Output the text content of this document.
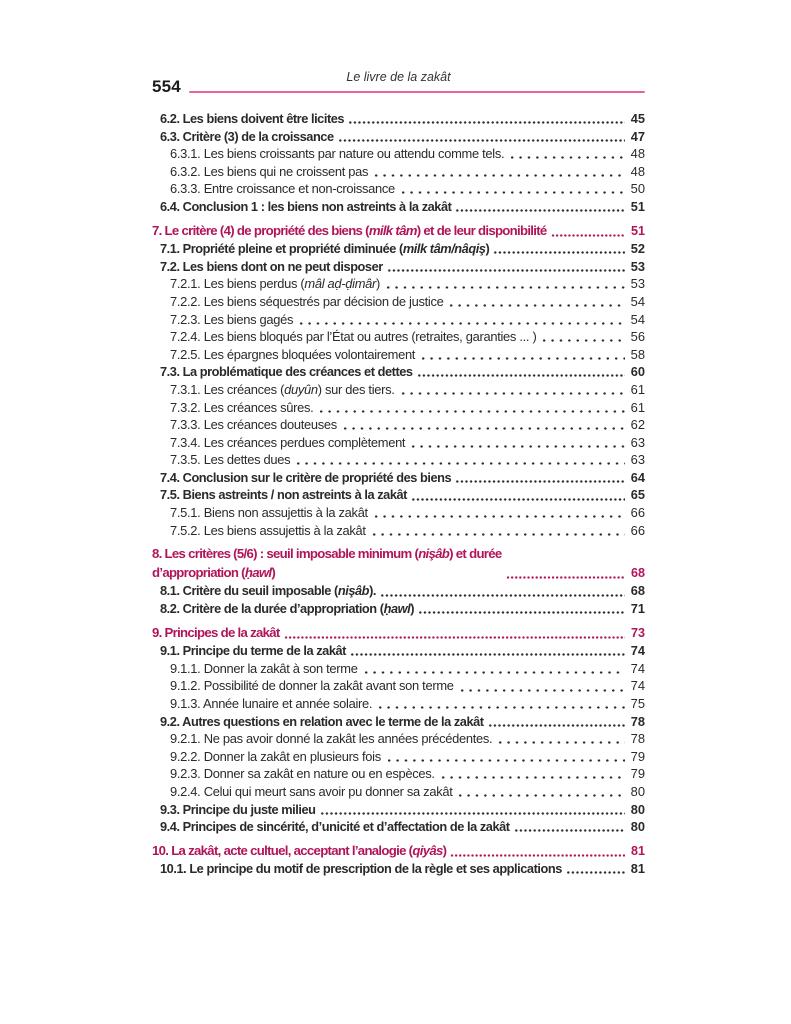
554	Le livre de la zakât
6.2. Les biens doivent être licites	45
6.3. Critère (3) de la croissance	47
6.3.1. Les biens croissants par nature ou attendu comme tels.	48
6.3.2. Les biens qui ne croissent pas	48
6.3.3. Entre croissance et non-croissance	50
6.4. Conclusion 1 : les biens non astreints à la zakât	51
7. Le critère (4) de propriété des biens (milk tâm) et de leur disponibilité	51
7.1. Propriété pleine et propriété diminuée (milk tâm/nâqiş)	52
7.2. Les biens dont on ne peut disposer	53
7.2.1. Les biens perdus (mâl aḍ-ḍimâr)	53
7.2.2. Les biens séquestrés par décision de justice	54
7.2.3. Les biens gagés	54
7.2.4. Les biens bloqués par l’État ou autres (retraites, garanties ... )	56
7.2.5. Les épargnes bloquées volontairement	58
7.3. La problématique des créances et dettes	60
7.3.1. Les créances (duyûn) sur des tiers.	61
7.3.2. Les créances sûres.	61
7.3.3. Les créances douteuses	62
7.3.4. Les créances perdues complètement	63
7.3.5. Les dettes dues	63
7.4. Conclusion sur le critère de propriété des biens	64
7.5. Biens astreints / non astreints à la zakât	65
7.5.1. Biens non assujettis à la zakât	66
7.5.2. Les biens assujettis à la zakât	66
8. Les critères (5/6) : seuil imposable minimum (nişâb) et durée
d’appropriation (ḥawl)	68
8.1. Critère du seuil imposable (nişâb).	68
8.2. Critère de la durée d’appropriation (ḥawl)	71
9. Principes de la zakât	73
9.1. Principe du terme de la zakât	74
9.1.1. Donner la zakât à son terme	74
9.1.2. Possibilité de donner la zakât avant son terme	74
9.1.3. Année lunaire et année solaire.	75
9.2. Autres questions en relation avec le terme de la zakât	78
9.2.1. Ne pas avoir donné la zakât les années précédentes.	78
9.2.2. Donner la zakât en plusieurs fois	79
9.2.3. Donner sa zakât en nature ou en espèces.	79
9.2.4. Celui qui meurt sans avoir pu donner sa zakât	80
9.3. Principe du juste milieu	80
9.4. Principes de sincérité, d’unicité et d’affectation de la zakât	80
10. La zakât, acte cultuel, acceptant l’analogie (qiyâs)	81
10.1. Le principe du motif de prescription de la règle et ses applications	81
